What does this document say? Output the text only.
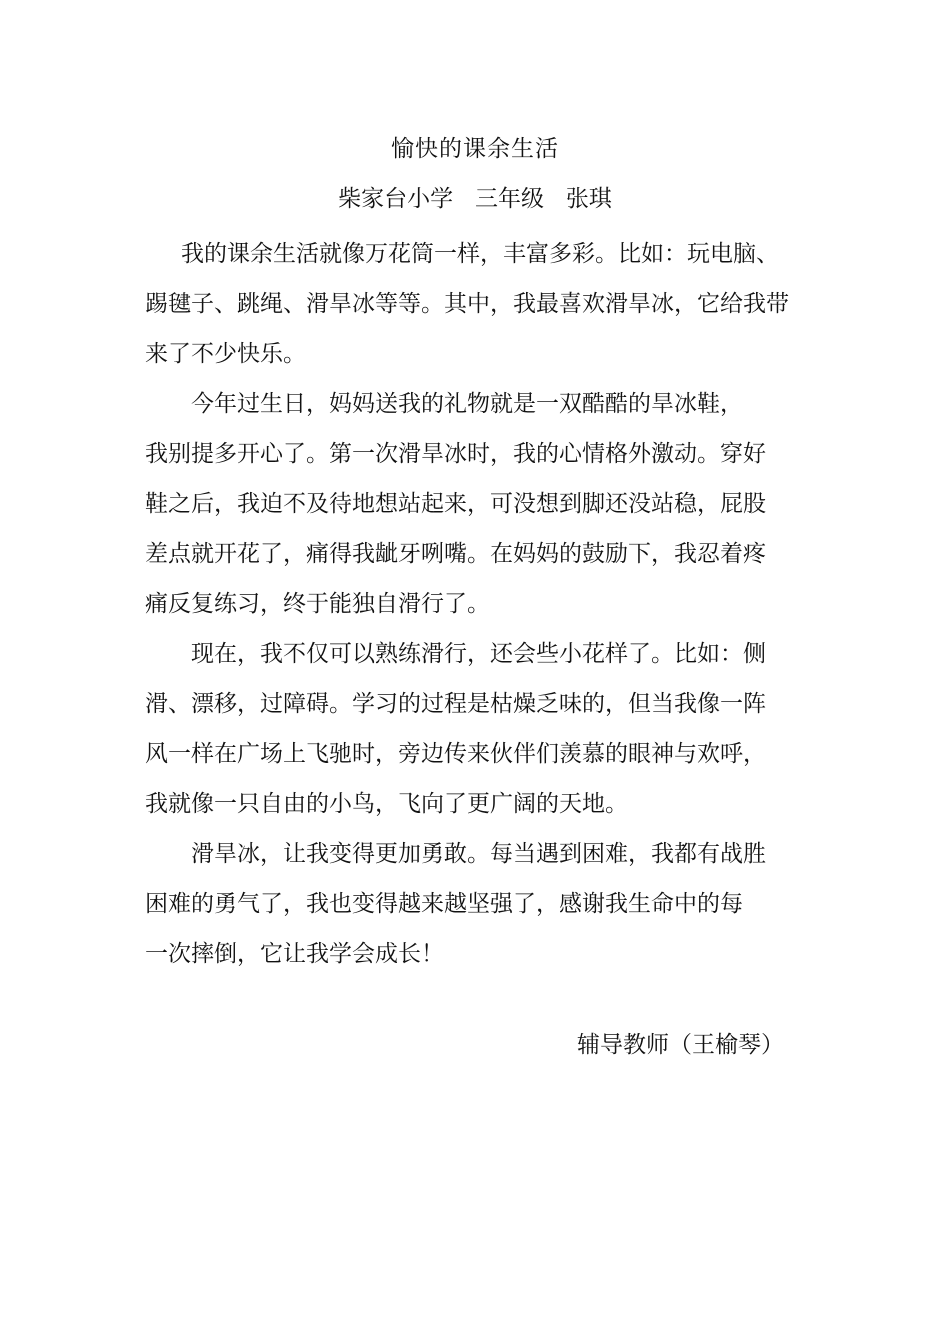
愉快的课余生活
柴家台小学   三年级   张琪

我的课余生活就像万花筒一样，丰富多彩。比如：玩电脑、
踢毽子、跳绳、滑旱冰等等。其中，我最喜欢滑旱冰，它给我带
来了不少快乐。

今年过生日，妈妈送我的礼物就是一双酷酷的旱冰鞋，
我别提多开心了。第一次滑旱冰时，我的心情格外激动。穿好
鞋之后，我迫不及待地想站起来，可没想到脚还没站稳，屁股
差点就开花了，痛得我龇牙咧嘴。在妈妈的鼓励下，我忍着疼
痛反复练习，终于能独自滑行了。

现在，我不仅可以熟练滑行，还会些小花样了。比如：侧
滑、漂移，过障碍。学习的过程是枯燥乏味的，但当我像一阵
风一样在广场上飞驰时，旁边传来伙伴们羡慕的眼神与欢呼，
我就像一只自由的小鸟，飞向了更广阔的天地。

滑旱冰，让我变得更加勇敢。每当遇到困难，我都有战胜
困难的勇气了，我也变得越来越坚强了，感谢我生命中的每
一次摔倒，它让我学会成长！

辅导教师（王榆琴）
